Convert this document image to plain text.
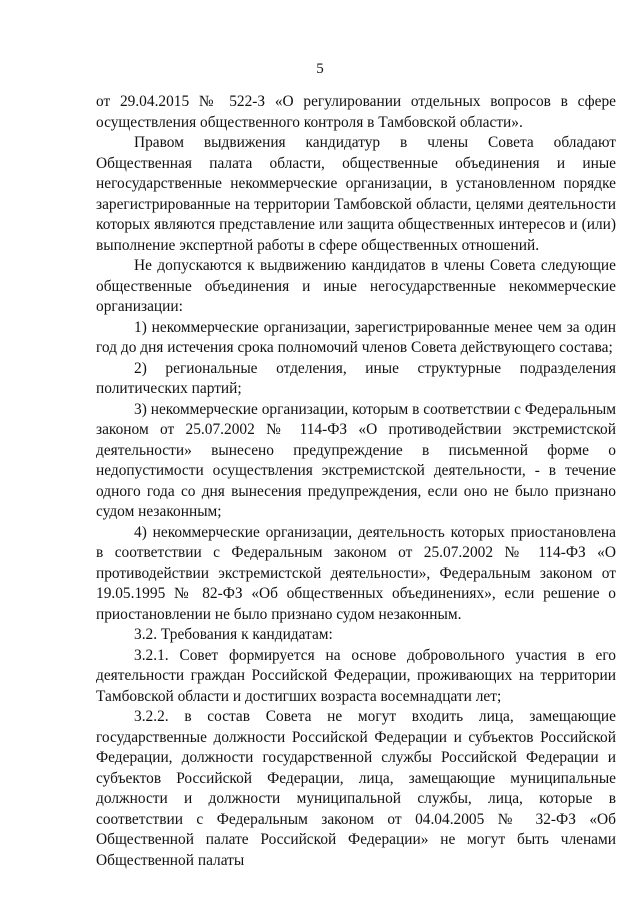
5

от 29.04.2015 № 522-З «О регулировании отдельных вопросов в сфере осуществления общественного контроля в Тамбовской области».

Правом выдвижения кандидатур в члены Совета обладают Общественная палата области, общественные объединения и иные негосударственные некоммерческие организации, в установленном порядке зарегистрированные на территории Тамбовской области, целями деятельности которых являются представление или защита общественных интересов и (или) выполнение экспертной работы в сфере общественных отношений.

Не допускаются к выдвижению кандидатов в члены Совета следующие общественные объединения и иные негосударственные некоммерческие организации:

1) некоммерческие организации, зарегистрированные менее чем за один год до дня истечения срока полномочий членов Совета действующего состава;

2) региональные отделения, иные структурные подразделения политических партий;

3) некоммерческие организации, которым в соответствии с Федеральным законом от 25.07.2002 № 114-ФЗ «О противодействии экстремистской деятельности» вынесено предупреждение в письменной форме о недопустимости осуществления экстремистской деятельности, - в течение одного года со дня вынесения предупреждения, если оно не было признано судом незаконным;

4) некоммерческие организации, деятельность которых приостановлена в соответствии с Федеральным законом от 25.07.2002 № 114-ФЗ «О противодействии экстремистской деятельности», Федеральным законом от 19.05.1995 № 82-ФЗ «Об общественных объединениях», если решение о приостановлении не было признано судом незаконным.

3.2. Требования к кандидатам:

3.2.1. Совет формируется на основе добровольного участия в его деятельности граждан Российской Федерации, проживающих на территории Тамбовской области и достигших возраста восемнадцати лет;

3.2.2. в состав Совета не могут входить лица, замещающие государственные должности Российской Федерации и субъектов Российской Федерации, должности государственной службы Российской Федерации и субъектов Российской Федерации, лица, замещающие муниципальные должности и должности муниципальной службы, лица, которые в соответствии с Федеральным законом от 04.04.2005 № 32-ФЗ «Об Общественной палате Российской Федерации» не могут быть членами Общественной палаты
